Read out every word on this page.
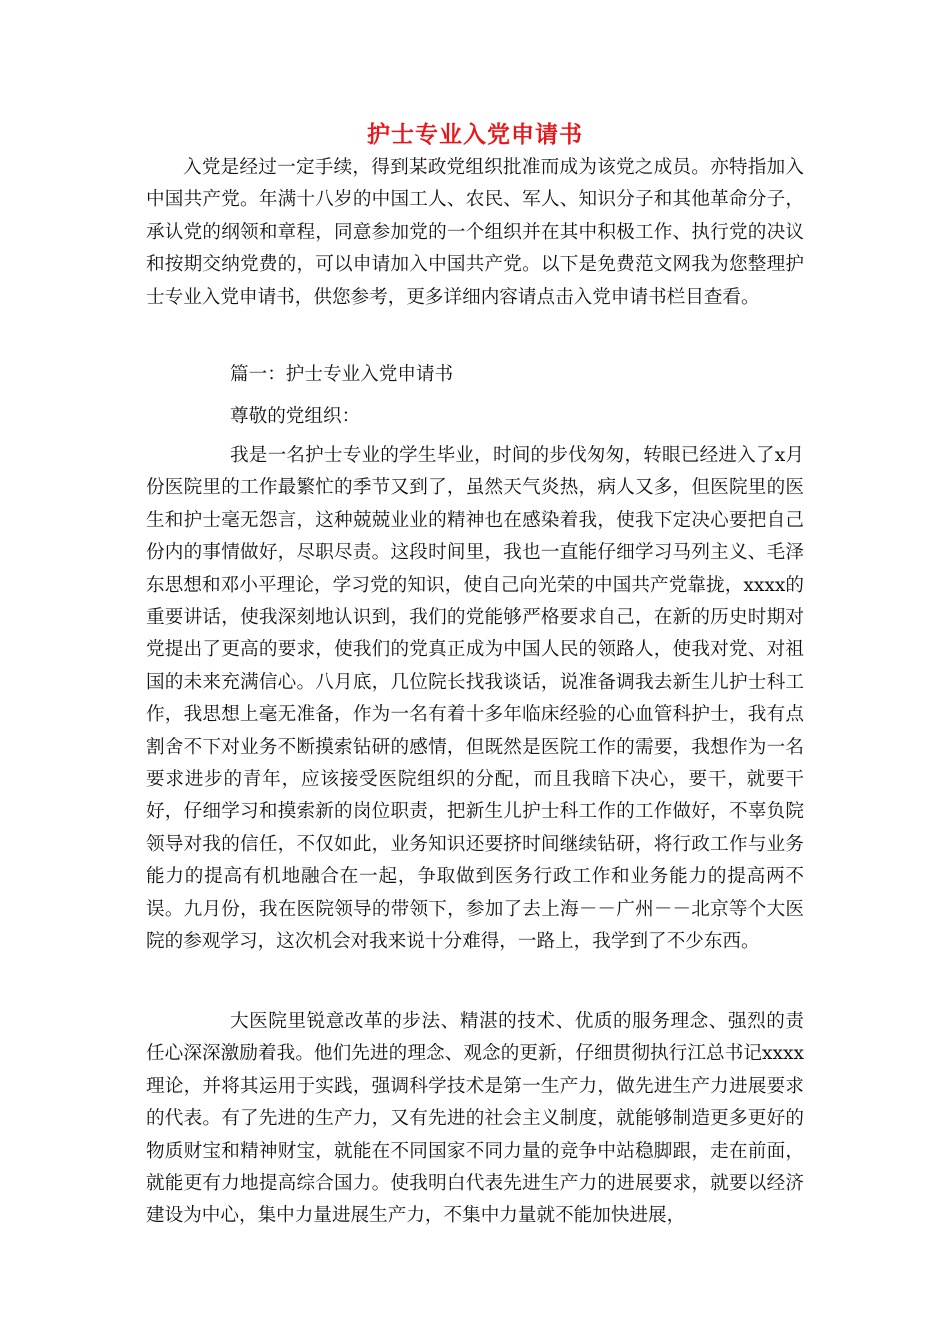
护士专业入党申请书
入党是经过一定手续，得到某政党组织批准而成为该党之成员。亦特指加入中国共产党。年满十八岁的中国工人、农民、军人、知识分子和其他革命分子，承认党的纲领和章程，同意参加党的一个组织并在其中积极工作、执行党的决议和按期交纳党费的，可以申请加入中国共产党。以下是免费范文网我为您整理护士专业入党申请书，供您参考，更多详细内容请点击入党申请书栏目查看。
篇一：护士专业入党申请书
尊敬的党组织：
我是一名护士专业的学生毕业，时间的步伐匆匆，转眼已经进入了x月份医院里的工作最繁忙的季节又到了，虽然天气炎热，病人又多，但医院里的医生和护士毫无怨言，这种兢兢业业的精神也在感染着我，使我下定决心要把自己份内的事情做好，尽职尽责。这段时间里，我也一直能仔细学习马列主义、毛泽东思想和邓小平理论，学习党的知识，使自己向光荣的中国共产党靠拢，xxxx的重要讲话，使我深刻地认识到，我们的党能够严格要求自己，在新的历史时期对党提出了更高的要求，使我们的党真正成为中国人民的领路人，使我对党、对祖国的未来充满信心。八月底，几位院长找我谈话，说准备调我去新生儿护士科工作，我思想上毫无准备，作为一名有着十多年临床经验的心血管科护士，我有点割舍不下对业务不断摸索钻研的感情，但既然是医院工作的需要，我想作为一名要求进步的青年，应该接受医院组织的分配，而且我暗下决心，要干，就要干好，仔细学习和摸索新的岗位职责，把新生儿护士科工作的工作做好，不辜负院领导对我的信任，不仅如此，业务知识还要挤时间继续钻研，将行政工作与业务能力的提高有机地融合在一起，争取做到医务行政工作和业务能力的提高两不误。九月份，我在医院领导的带领下，参加了去上海－－广州－－北京等个大医院的参观学习，这次机会对我来说十分难得，一路上，我学到了不少东西。
大医院里锐意改革的步法、精湛的技术、优质的服务理念、强烈的责任心深深激励着我。他们先进的理念、观念的更新，仔细贯彻执行江总书记xxxx理论，并将其运用于实践，强调科学技术是第一生产力，做先进生产力进展要求的代表。有了先进的生产力，又有先进的社会主义制度，就能够制造更多更好的物质财宝和精神财宝，就能在不同国家不同力量的竞争中站稳脚跟，走在前面，就能更有力地提高综合国力。使我明白代表先进生产力的进展要求，就要以经济建设为中心，集中力量进展生产力，不集中力量就不能加快进展，
